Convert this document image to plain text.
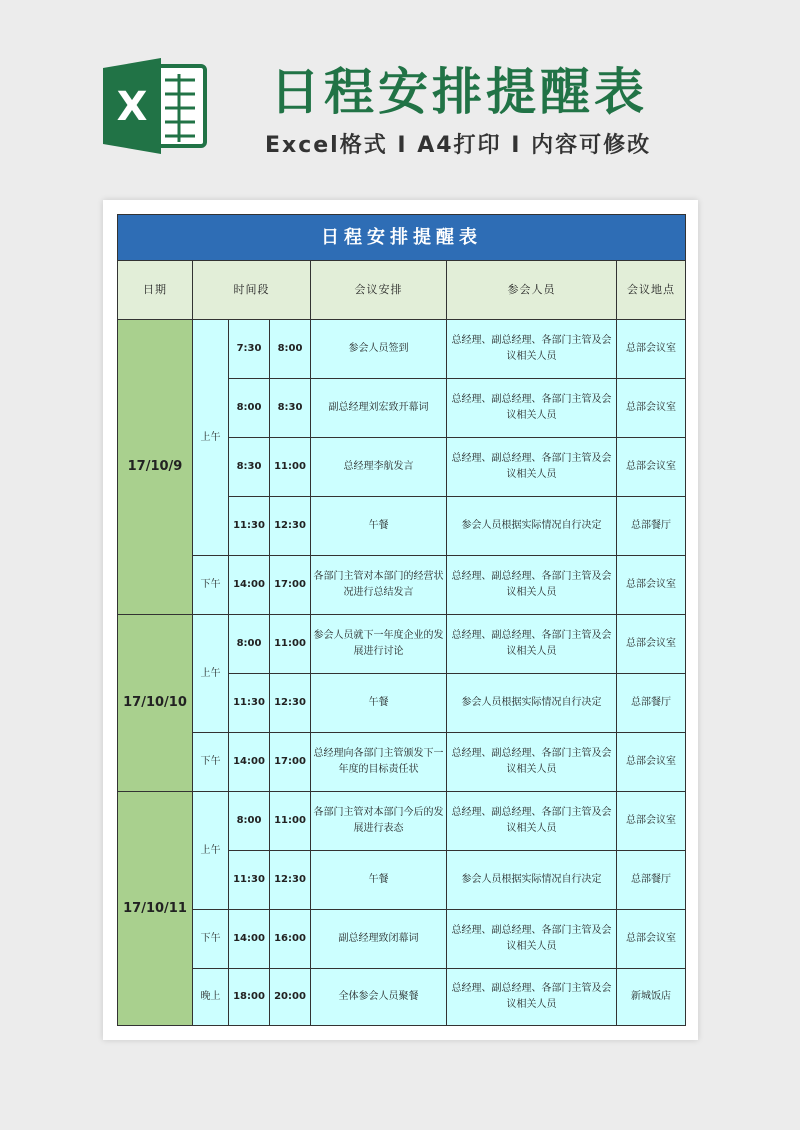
X 日程安排提醒表
Excel格式 I A4打印 I 内容可修改
日程安排提醒表						
日期	时间段			会议安排	参会人员	会议地点
17/10/9	上午	7:30	8:00	参会人员签到	总经理、副总经理、各部门主管及会议相关人员	总部会议室
		8:00	8:30	副总经理刘宏致开幕词	总经理、副总经理、各部门主管及会议相关人员	总部会议室
		8:30	11:00	总经理李航发言	总经理、副总经理、各部门主管及会议相关人员	总部会议室
		11:30	12:30	午餐	参会人员根据实际情况自行决定	总部餐厅
	下午	14:00	17:00	各部门主管对本部门的经营状况进行总结发言	总经理、副总经理、各部门主管及会议相关人员	总部会议室
17/10/10	上午	8:00	11:00	参会人员就下一年度企业的发展进行讨论	总经理、副总经理、各部门主管及会议相关人员	总部会议室
		11:30	12:30	午餐	参会人员根据实际情况自行决定	总部餐厅
	下午	14:00	17:00	总经理向各部门主管颁发下一年度的目标责任状	总经理、副总经理、各部门主管及会议相关人员	总部会议室
17/10/11	上午	8:00	11:00	各部门主管对本部门今后的发展进行表态	总经理、副总经理、各部门主管及会议相关人员	总部会议室
		11:30	12:30	午餐	参会人员根据实际情况自行决定	总部餐厅
	下午	14:00	16:00	副总经理致闭幕词	总经理、副总经理、各部门主管及会议相关人员	总部会议室
	晚上	18:00	20:00	全体参会人员聚餐	总经理、副总经理、各部门主管及会议相关人员	新城饭店
